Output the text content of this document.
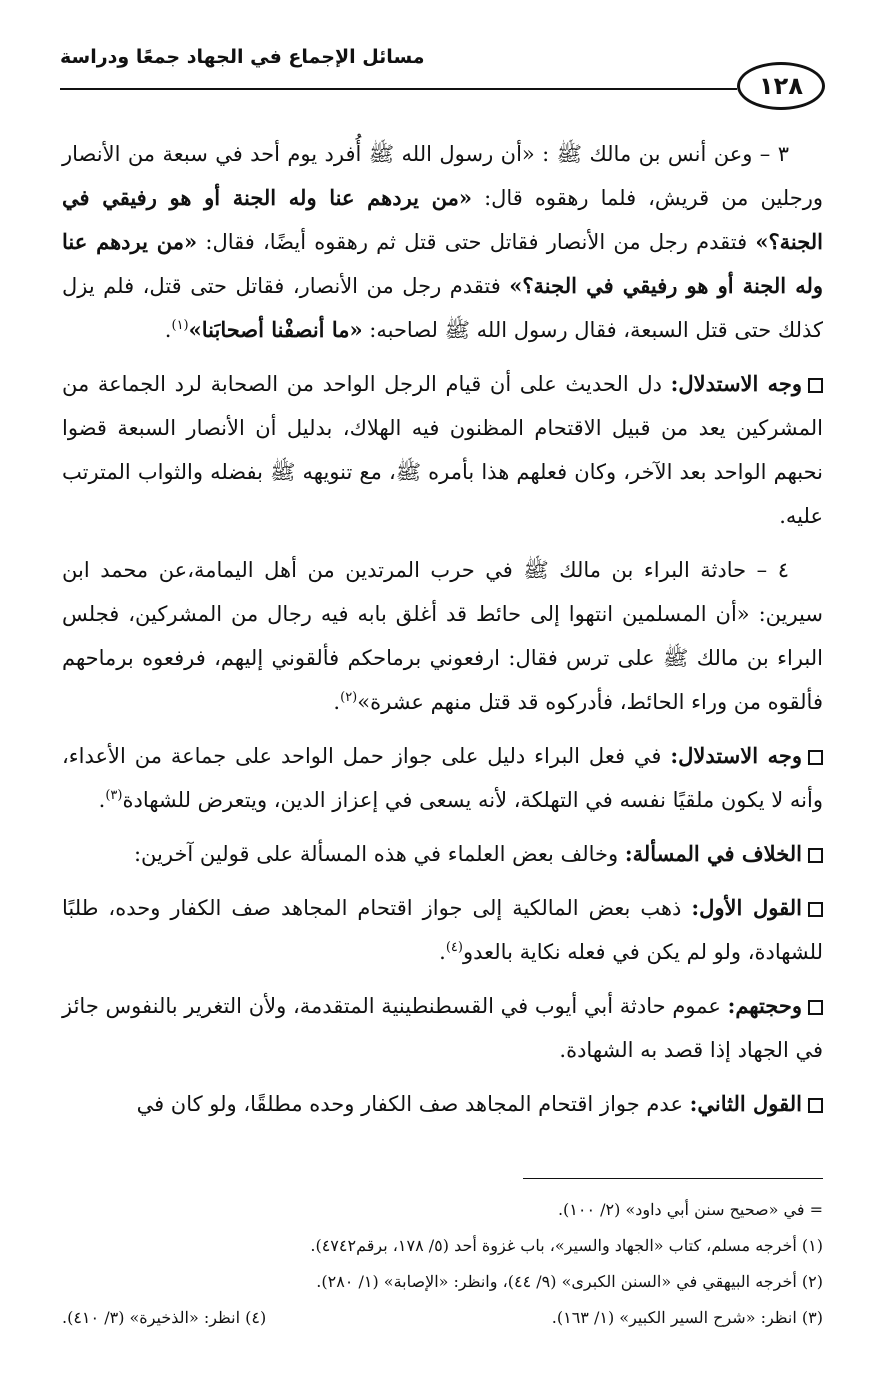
مسائل الإجماع في الجهاد جمعًا ودراسة
١٢٨

٣ – وعن أنس بن مالك ﷺ : «أن رسول الله ﷺ أُفرد يوم أحد في سبعة من الأنصار ورجلين من قريش، فلما رهقوه قال: «من يردهم عنا وله الجنة أو هو رفيقي في الجنة؟» فتقدم رجل من الأنصار فقاتل حتى قتل ثم رهقوه أيضًا، فقال: «من يردهم عنا وله الجنة أو هو رفيقي في الجنة؟» فتقدم رجل من الأنصار، فقاتل حتى قتل، فلم يزل كذلك حتى قتل السبعة، فقال رسول الله ﷺ لصاحبه: «ما أنصفْنا أصحابَنا»$^{(١)}$.

وجه الاستدلال: دل الحديث على أن قيام الرجل الواحد من الصحابة لرد الجماعة من المشركين يعد من قبيل الاقتحام المظنون فيه الهلاك، بدليل أن الأنصار السبعة قضوا نحبهم الواحد بعد الآخر، وكان فعلهم هذا بأمره ﷺ، مع تنويهه ﷺ بفضله والثواب المترتب عليه.

٤ – حادثة البراء بن مالك ﷺ في حرب المرتدين من أهل اليمامة،عن محمد ابن سيرين: «أن المسلمين انتهوا إلى حائط قد أغلق بابه فيه رجال من المشركين، فجلس البراء بن مالك ﷺ على ترس فقال: ارفعوني برماحكم فألقوني إليهم، فرفعوه برماحهم فألقوه من وراء الحائط، فأدركوه قد قتل منهم عشرة»$^{(٢)}$.

وجه الاستدلال: في فعل البراء دليل على جواز حمل الواحد على جماعة من الأعداء، وأنه لا يكون ملقيًا نفسه في التهلكة، لأنه يسعى في إعزاز الدين، ويتعرض للشهادة$^{(٣)}$.

الخلاف في المسألة: وخالف بعض العلماء في هذه المسألة على قولين آخرين:

القول الأول: ذهب بعض المالكية إلى جواز اقتحام المجاهد صف الكفار وحده، طلبًا للشهادة، ولو لم يكن في فعله نكاية بالعدو$^{(٤)}$.

وحجتهم: عموم حادثة أبي أيوب في القسطنطينية المتقدمة، ولأن التغرير بالنفوس جائز في الجهاد إذا قصد به الشهادة.

القول الثاني: عدم جواز اقتحام المجاهد صف الكفار وحده مطلقًا، ولو كان في

= في «صحيح سنن أبي داود» (٢/ ١٠٠).
(١) أخرجه مسلم، كتاب «الجهاد والسير»، باب غزوة أحد (٥/ ١٧٨، برقم٤٧٤٢).
(٢) أخرجه البيهقي في «السنن الكبرى» (٩/ ٤٤)، وانظر: «الإصابة» (١/ ٢٨٠).
(٣) انظر: «شرح السير الكبير» (١/ ١٦٣).
(٤) انظر: «الذخيرة» (٣/ ٤١٠).
